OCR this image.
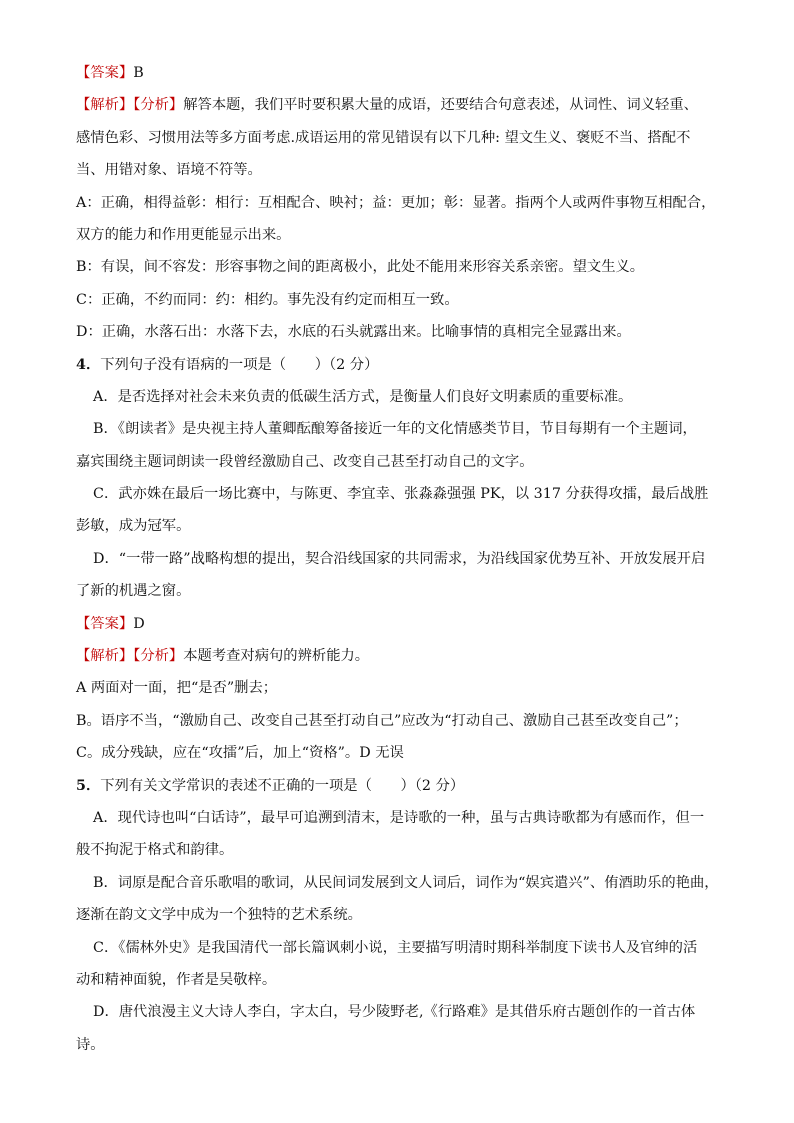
【答案】B
【解析】【分析】解答本题，我们平时要积累大量的成语，还要结合句意表述，从词性、词义轻重、
感情色彩、习惯用法等多方面考虑.成语运用的常见错误有以下几种: 望文生义、褒贬不当、搭配不
当、用错对象、语境不符等。
A：正确，相得益彰：相行：互相配合、映衬；益：更加；彰：显著。指两个人或两件事物互相配合，
双方的能力和作用更能显示出来。
B：有误，间不容发：形容事物之间的距离极小，此处不能用来形容关系亲密。望文生义。
C：正确，不约而同：约：相约。事先没有约定而相互一致。
D：正确，水落石出：水落下去，水底的石头就露出来。比喻事情的真相完全显露出来。
4．下列句子没有语病的一项是（　　）（2 分）
A．是否选择对社会未来负责的低碳生活方式，是衡量人们良好文明素质的重要标准。
B．《朗读者》是央视主持人董卿酝酿筹备接近一年的文化情感类节目，节目每期有一个主题词，
嘉宾围绕主题词朗读一段曾经激励自己、改变自己甚至打动自己的文字。
C．武亦姝在最后一场比赛中，与陈更、李宜幸、张淼淼强强 PK，以 317 分获得攻擂，最后战胜
彭敏，成为冠军。
D．“一带一路”战略构想的提出，契合沿线国家的共同需求，为沿线国家优势互补、开放发展开启
了新的机遇之窗。
【答案】D
【解析】【分析】本题考查对病句的辨析能力。
A 两面对一面，把“是否”删去；
B。语序不当，“激励自己、改变自己甚至打动自己”应改为“打动自己、激励自己甚至改变自己”；
C。成分残缺，应在“攻擂”后，加上“资格”。D 无误
5．下列有关文学常识的表述不正确的一项是（　　）（2 分）
A．现代诗也叫“白话诗”，最早可追溯到清末，是诗歌的一种，虽与古典诗歌都为有感而作，但一
般不拘泥于格式和韵律。
B．词原是配合音乐歌唱的歌词，从民间词发展到文人词后，词作为“娱宾遣兴”、侑酒助乐的艳曲，
逐渐在韵文文学中成为一个独特的艺术系统。
C．《儒林外史》是我国清代一部长篇讽刺小说，主要描写明清时期科举制度下读书人及官绅的活
动和精神面貌，作者是吴敬梓。
D．唐代浪漫主义大诗人李白，字太白，号少陵野老,《行路难》是其借乐府古题创作的一首古体
诗。
